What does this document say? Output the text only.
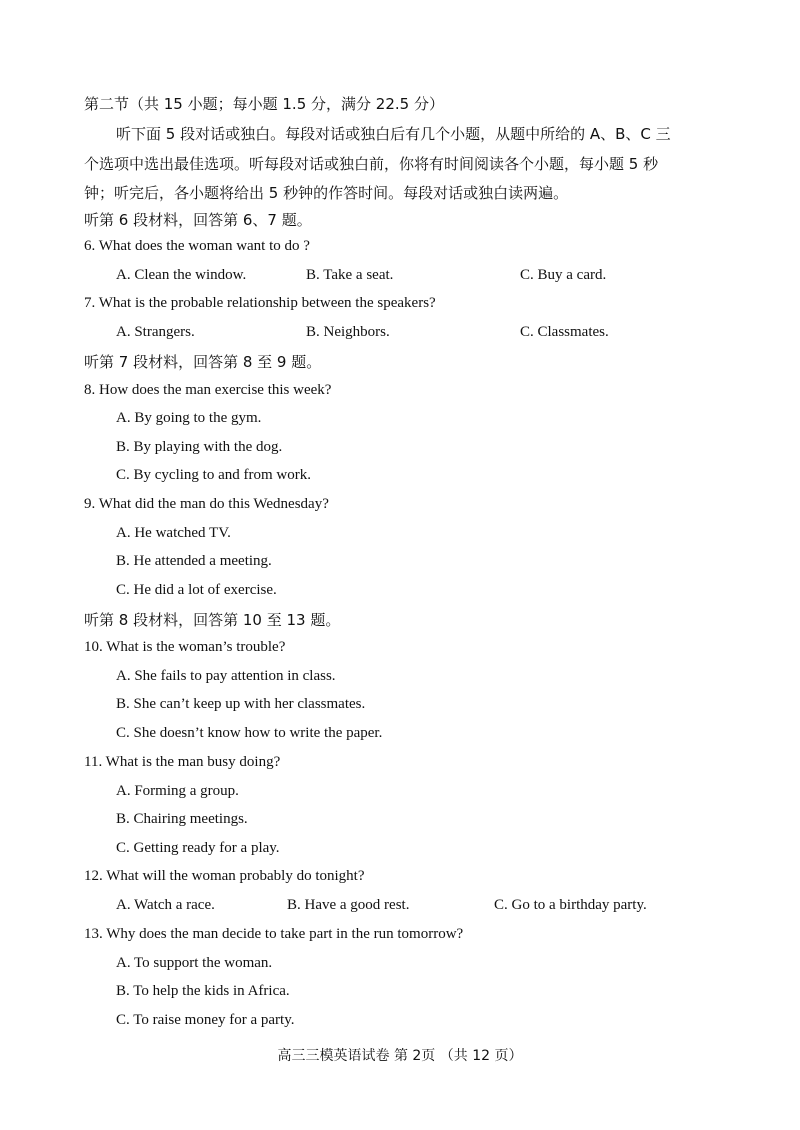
第二节（共 15 小题；每小题 1.5 分，满分 22.5 分）
听下面 5 段对话或独白。每段对话或独白后有几个小题，从题中所给的 A、B、C 三
个选项中选出最佳选项。听每段对话或独白前，你将有时间阅读各个小题，每小题 5 秒
钟；听完后，各小题将给出 5 秒钟的作答时间。每段对话或独白读两遍。
听第 6 段材料，回答第 6、7 题。
6. What does the woman want to do ?
A. Clean the window.	B. Take a seat.	C. Buy a card.
7. What is the probable relationship between the speakers?
A. Strangers.	B. Neighbors.	C. Classmates.
听第 7 段材料，回答第 8 至 9 题。
8. How does the man exercise this week?
A. By going to the gym.
B. By playing with the dog.
C. By cycling to and from work.
9. What did the man do this Wednesday?
A. He watched TV.
B. He attended a meeting.
C. He did a lot of exercise.
听第 8 段材料，回答第 10 至 13 题。
10. What is the woman’s trouble?
A. She fails to pay attention in class.
B. She can’t keep up with her classmates.
C. She doesn’t know how to write the paper.
11. What is the man busy doing?
A. Forming a group.
B. Chairing meetings.
C. Getting ready for a play.
12. What will the woman probably do tonight?
A. Watch a race.	B. Have a good rest.	C. Go to a birthday party.
13. Why does the man decide to take part in the run tomorrow?
A. To support the woman.
B. To help the kids in Africa.
C. To raise money for a party.
高三三模英语试卷 第 2页 （共 12 页）
